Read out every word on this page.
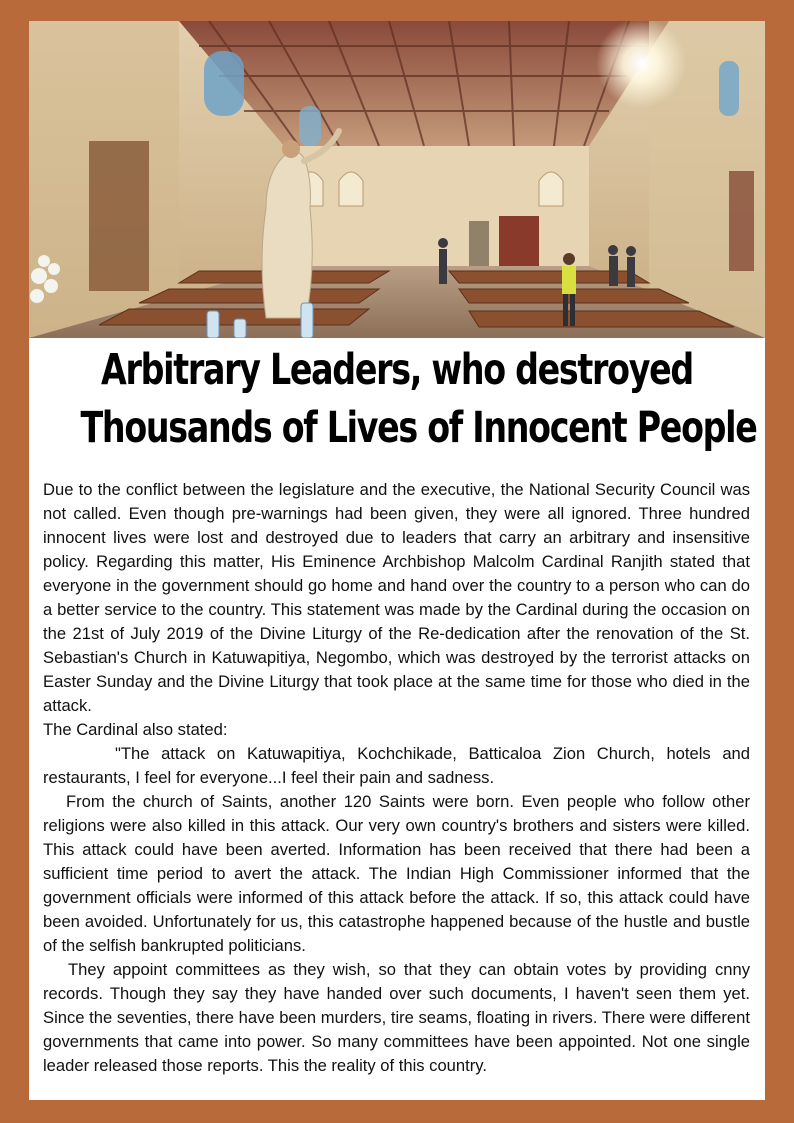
Arbitrary Leaders, who destroyed
Thousands of Lives of Innocent People

Due to the conflict between the legislature and the executive, the National Security Council was not called. Even though pre-warnings had been given, they were all ignored. Three hundred innocent lives were lost and destroyed due to leaders that carry an arbitrary and insensitive policy. Regarding this matter, His Eminence Archbishop Malcolm Cardinal Ranjith stated that everyone in the government should go home and hand over the country to a person who can do a better service to the country. This statement was made by the Cardinal during the occasion on the 21st of July 2019 of the Divine Liturgy of the Re-dedication after the renovation of the St. Sebastian's Church in Katuwapitiya, Negombo, which was destroyed by the terrorist attacks on Easter Sunday and the Divine Liturgy that took place at the same time for those who died in the attack.

The Cardinal also stated:

"The attack on Katuwapitiya, Kochchikade, Batticaloa Zion Church, hotels and restaurants, I feel for everyone...I feel their pain and sadness.

From the church of Saints, another 120 Saints were born. Even people who follow other religions were also killed in this attack. Our very own country's brothers and sisters were killed. This attack could have been averted. Information has been received that there had been a sufficient time period to avert the attack. The Indian High Commissioner informed that the government officials were informed of this attack before the attack. If so, this attack could have been avoided. Unfortunately for us, this catastrophe happened because of the hustle and bustle of the selfish bankrupted politicians.

They appoint committees as they wish, so that they can obtain votes by providing cnny records. Though they say they have handed over such documents, I haven't seen them yet. Since the seventies, there have been murders, tire seams, floating in rivers. There were different governments that came into power. So many committees have been appointed. Not one single leader released those reports. This the reality of this country.
